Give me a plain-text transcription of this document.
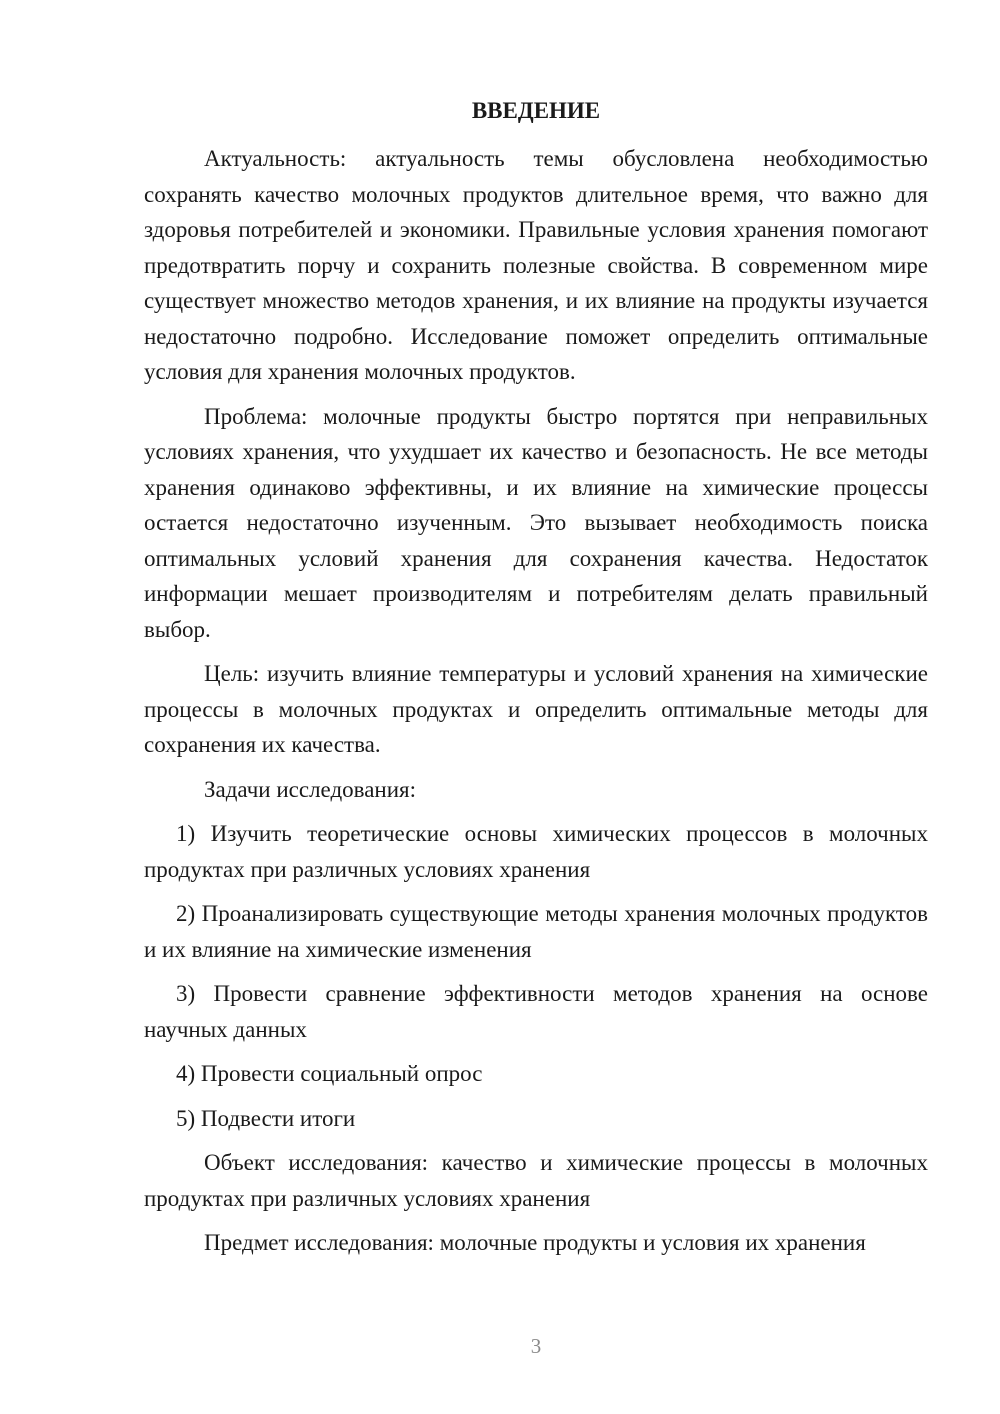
ВВЕДЕНИЕ

Актуальность: актуальность темы обусловлена необходимостью сохранять качество молочных продуктов длительное время, что важно для здоровья потребителей и экономики. Правильные условия хранения помогают предотвратить порчу и сохранить полезные свойства. В современном мире существует множество методов хранения, и их влияние на продукты изучается недостаточно подробно. Исследование поможет определить оптимальные условия для хранения молочных продуктов.

Проблема: молочные продукты быстро портятся при неправильных условиях хранения, что ухудшает их качество и безопасность. Не все методы хранения одинаково эффективны, и их влияние на химические процессы остается недостаточно изученным. Это вызывает необходимость поиска оптимальных условий хранения для сохранения качества. Недостаток информации мешает производителям и потребителям делать правильный выбор.

Цель: изучить влияние температуры и условий хранения на химические процессы в молочных продуктах и определить оптимальные методы для сохранения их качества.

Задачи исследования:

1) Изучить теоретические основы химических процессов в молочных продуктах при различных условиях хранения

2) Проанализировать существующие методы хранения молочных продуктов и их влияние на химические изменения

3) Провести сравнение эффективности методов хранения на основе научных данных

4) Провести социальный опрос

5) Подвести итоги

Объект исследования: качество и химические процессы в молочных продуктах при различных условиях хранения

Предмет исследования: молочные продукты и условия их хранения

3
